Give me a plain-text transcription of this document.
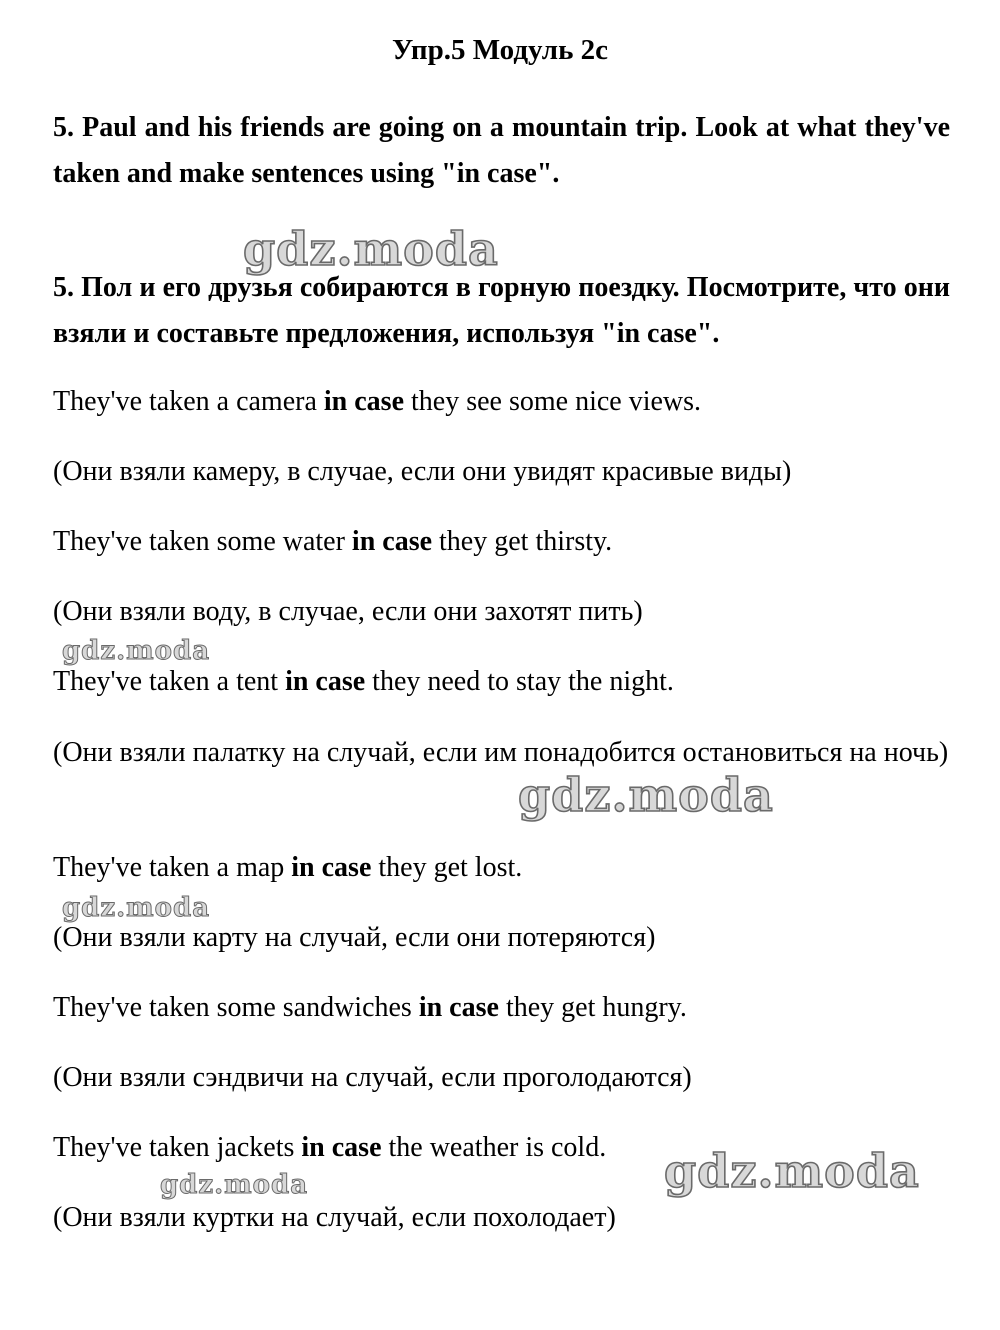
Упр.5 Модуль 2с
5. Paul and his friends are going on a mountain trip. Look at what they've taken and make sentences using "in case".
gdz.moda
5. Пол и его друзья собираются в горную поездку. Посмотрите, что они взяли и составьте предложения, используя "in case".
They've taken a camera in case they see some nice views.
(Они взяли камеру, в случае, если они увидят красивые виды)
They've taken some water in case they get thirsty.
(Они взяли воду, в случае, если они захотят пить)
gdz.moda
They've taken a tent in case they need to stay the night.
(Они взяли палатку на случай, если им понадобится остановиться на ночь)
gdz.moda
They've taken a map in case they get lost.
gdz.moda
(Они взяли карту на случай, если они потеряются)
They've taken some sandwiches in case they get hungry.
(Они взяли сэндвичи на случай, если проголодаются)
They've taken jackets in case the weather is cold.	gdz.moda
gdz.moda
(Они взяли куртки на случай, если похолодает)
